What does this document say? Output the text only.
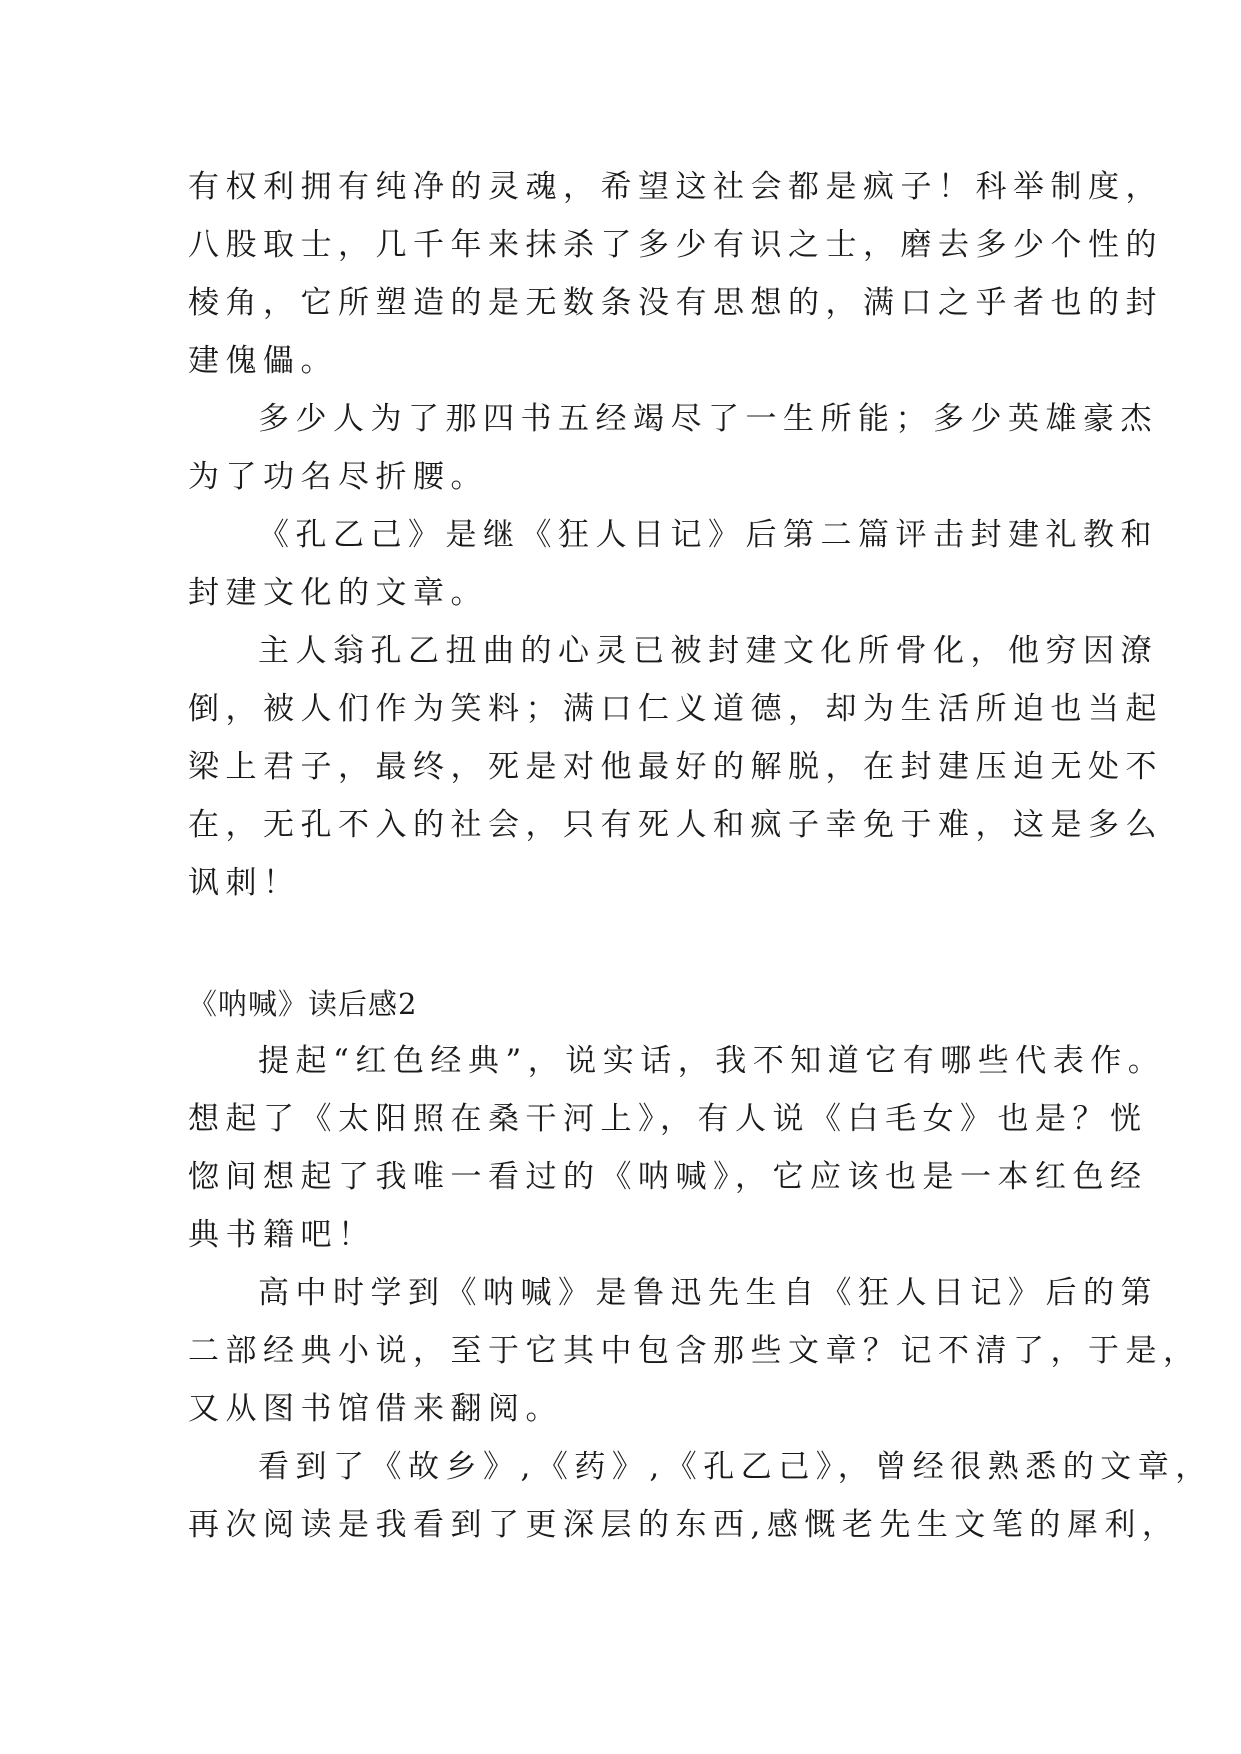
有权利拥有纯净的灵魂，希望这社会都是疯子！科举制度，
八股取士，几千年来抹杀了多少有识之士，磨去多少个性的
棱角，它所塑造的是无数条没有思想的，满口之乎者也的封
建傀儡。
多少人为了那四书五经竭尽了一生所能；多少英雄豪杰
为了功名尽折腰。
《孔乙己》是继《狂人日记》后第二篇评击封建礼教和
封建文化的文章。
主人翁孔乙扭曲的心灵已被封建文化所骨化，他穷因潦
倒，被人们作为笑料；满口仁义道德，却为生活所迫也当起
梁上君子，最终，死是对他最好的解脱，在封建压迫无处不
在，无孔不入的社会，只有死人和疯子幸免于难，这是多么
讽刺！
《呐喊》读后感2
提起“红色经典”，说实话，我不知道它有哪些代表作。
想起了《太阳照在桑干河上》，有人说《白毛女》也是？恍
惚间想起了我唯一看过的《呐喊》，它应该也是一本红色经
典书籍吧！
高中时学到《呐喊》是鲁迅先生自《狂人日记》后的第
二部经典小说，至于它其中包含那些文章？记不清了，于是，
又从图书馆借来翻阅。
看到了《故乡》,《药》,《孔乙己》，曾经很熟悉的文章，
再次阅读是我看到了更深层的东西,感慨老先生文笔的犀利，
